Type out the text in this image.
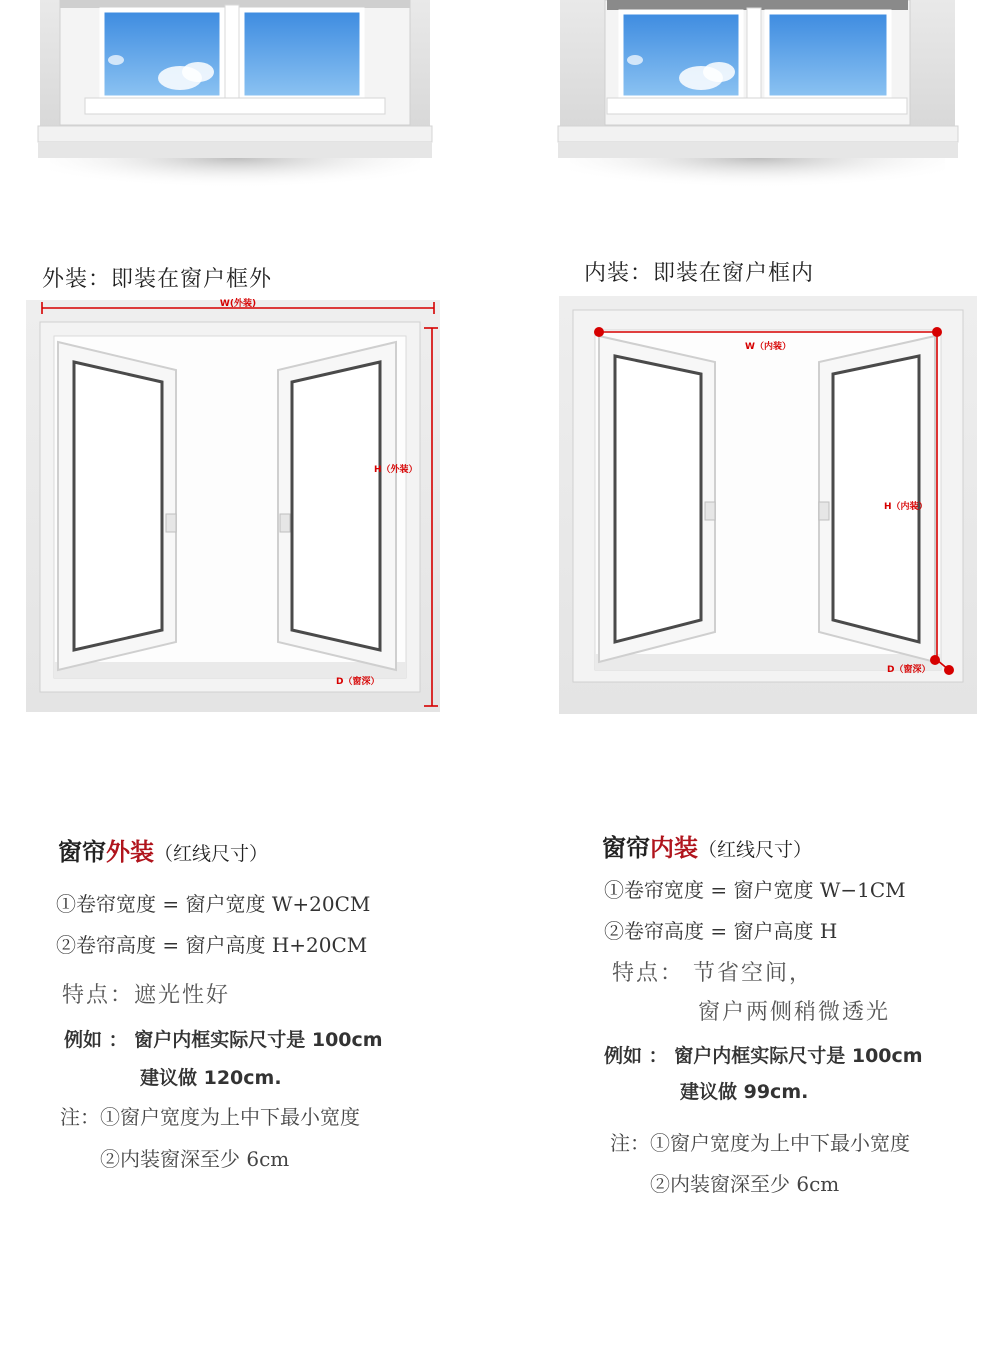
外装：即装在窗户框外	内装：即装在窗户框内
W(外装)
H（外装）
D（窗深）
W（内装）
H（内装）
D（窗深）
窗帘外装（红线尺寸）
①卷帘宽度 = 窗户宽度 W+20CM
②卷帘高度 = 窗户高度 H+20CM
特点：遮光性好
例如 ： 窗户内框实际尺寸是 100cm
建议做 120cm.
注：①窗户宽度为上中下最小宽度
②内装窗深至少 6cm
窗帘内装（红线尺寸）
①卷帘宽度 = 窗户宽度 W−1CM
②卷帘高度 = 窗户高度 H
特点： 节省空间，
窗户两侧稍微透光
例如 ： 窗户内框实际尺寸是 100cm
建议做 99cm.
注：①窗户宽度为上中下最小宽度
②内装窗深至少 6cm
